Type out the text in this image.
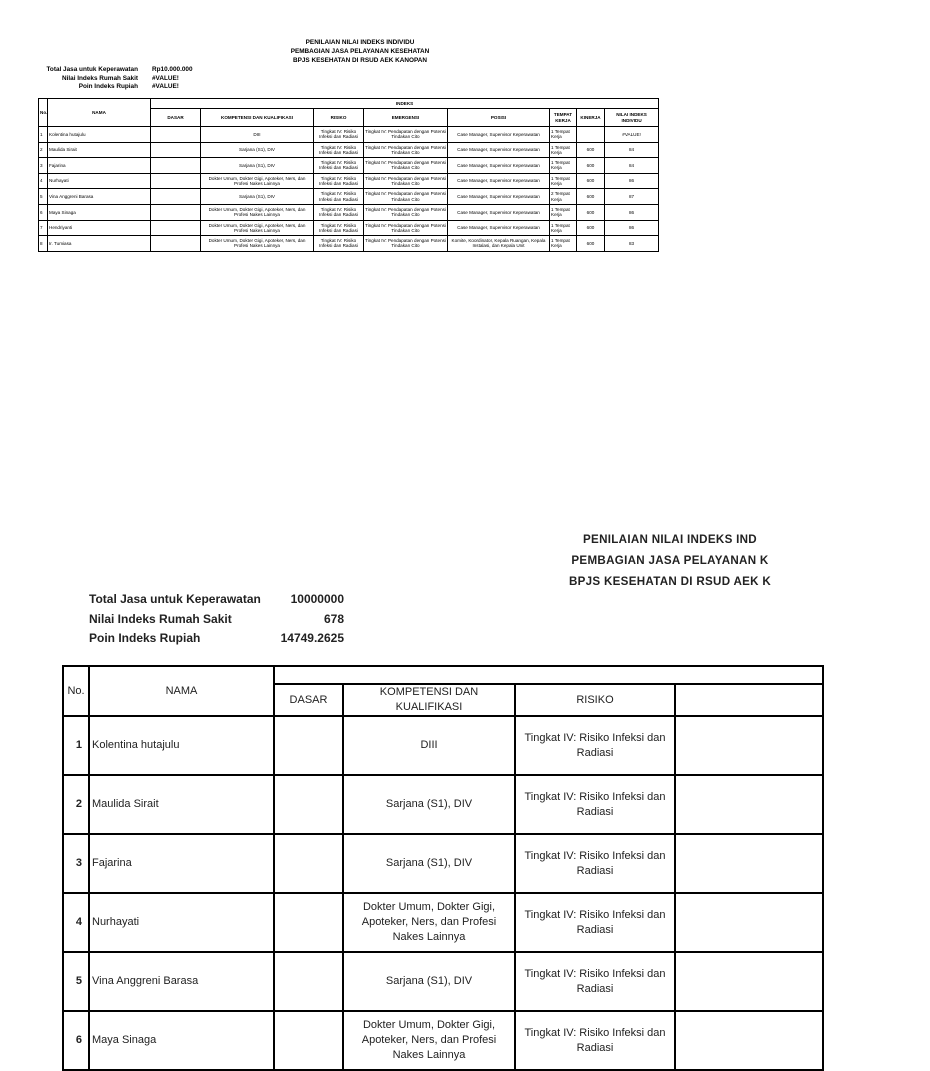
PENILAIAN NILAI INDEKS INDIVIDU
PEMBAGIAN JASA PELAYANAN KESEHATAN
BPJS KESEHATAN DI RSUD AEK KANOPAN
Total Jasa untuk Keperawatan	Rp10.000.000
Nilai Indeks Rumah Sakit	#VALUE!
Poin Indeks Rupiah	#VALUE!
No.	NAMA	INDEKS							
		DASAR	KOMPETENSI DAN KUALIFIKASI	RISIKO	EMERGENSI	POSISI	TEMPAT KERJA	KINERJA	NILAI INDEKS INDIVIDU
1	Kolentina hutajulu		DIII	Tingkat IV: Risiko Infeksi dan Radiasi	Tingkat IV: Pendapatan dengan Potensi Tindakan Cito	Case Manager, Supervisor Keperawatan	1 Tempat Kerja		#VALUE!
2	Maulida Sirait		Sarjana (S1), DIV	Tingkat IV: Risiko Infeksi dan Radiasi	Tingkat IV: Pendapatan dengan Potensi Tindakan Cito	Case Manager, Supervisor Keperawatan	1 Tempat Kerja	600	84
3	Fajarina		Sarjana (S1), DIV	Tingkat IV: Risiko Infeksi dan Radiasi	Tingkat IV: Pendapatan dengan Potensi Tindakan Cito	Case Manager, Supervisor Keperawatan	1 Tempat Kerja	600	84
4	Nurhayati		Dokter Umum, Dokter Gigi, Apoteker, Ners, dan Profesi Nakes Lainnya	Tingkat IV: Risiko Infeksi dan Radiasi	Tingkat IV: Pendapatan dengan Potensi Tindakan Cito	Case Manager, Supervisor Keperawatan	1 Tempat Kerja	600	86
5	Vina Anggreni Barasa		Sarjana (S1), DIV	Tingkat IV: Risiko Infeksi dan Radiasi	Tingkat IV: Pendapatan dengan Potensi Tindakan Cito	Case Manager, Supervisor Keperawatan	2 Tempat Kerja	600	87
6	Maya Sinaga		Dokter Umum, Dokter Gigi, Apoteker, Ners, dan Profesi Nakes Lainnya	Tingkat IV: Risiko Infeksi dan Radiasi	Tingkat IV: Pendapatan dengan Potensi Tindakan Cito	Case Manager, Supervisor Keperawatan	1 Tempat Kerja	600	86
7	Hendriyanti		Dokter Umum, Dokter Gigi, Apoteker, Ners, dan Profesi Nakes Lainnya	Tingkat IV: Risiko Infeksi dan Radiasi	Tingkat IV: Pendapatan dengan Potensi Tindakan Cito	Case Manager, Supervisor Keperawatan	1 Tempat Kerja	600	86
8	Ir. Tumiasa		Dokter Umum, Dokter Gigi, Apoteker, Ners, dan Profesi Nakes Lainnya	Tingkat IV: Risiko Infeksi dan Radiasi	Tingkat IV: Pendapatan dengan Potensi Tindakan Cito	Komite, Koordinator, Kepala Ruangan, Kepala Instalasi, dan Kepala Unit	1 Tempat Kerja	600	83
PENILAIAN NILAI INDEKS IND
PEMBAGIAN JASA PELAYANAN K
BPJS KESEHATAN DI RSUD AEK K
Total Jasa untuk Keperawatan	10000000
Nilai Indeks Rumah Sakit	678
Poin Indeks Rupiah	14749.2625
No.	NAMA				
		DASAR	KOMPETENSI DAN KUALIFIKASI	RISIKO	
1	Kolentina hutajulu		DIII	Tingkat IV: Risiko Infeksi dan Radiasi	
2	Maulida Sirait		Sarjana (S1), DIV	Tingkat IV: Risiko Infeksi dan Radiasi	
3	Fajarina		Sarjana (S1), DIV	Tingkat IV: Risiko Infeksi dan Radiasi	
4	Nurhayati		Dokter Umum, Dokter Gigi, Apoteker, Ners, dan Profesi Nakes Lainnya	Tingkat IV: Risiko Infeksi dan Radiasi	
5	Vina Anggreni Barasa		Sarjana (S1), DIV	Tingkat IV: Risiko Infeksi dan Radiasi	
6	Maya Sinaga		Dokter Umum, Dokter Gigi, Apoteker, Ners, dan Profesi Nakes Lainnya	Tingkat IV: Risiko Infeksi dan Radiasi	
